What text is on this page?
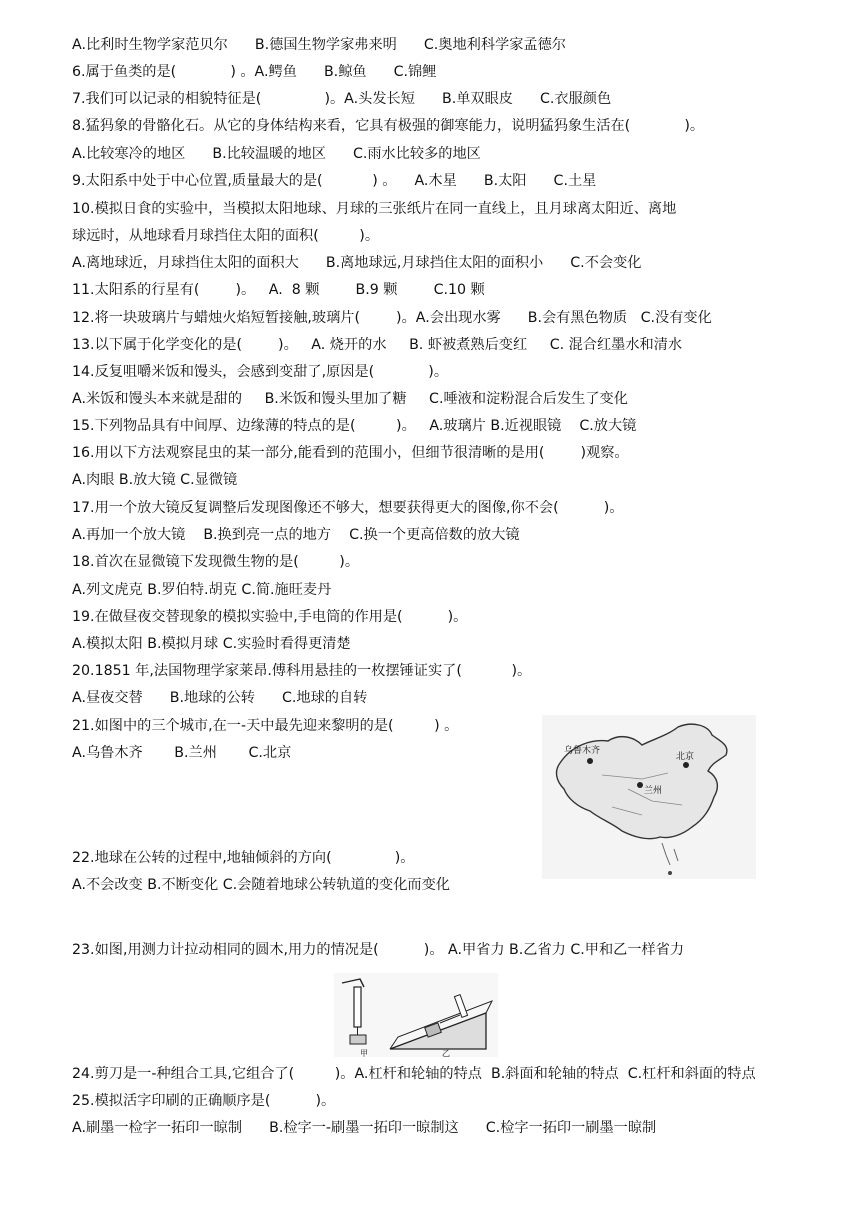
A.比利时生物学家范贝尔      B.德国生物学家弗来明      C.奥地利科学家孟德尔
6.属于鱼类的是(            ) 。A.鳄鱼      B.鲸鱼      C.锦鲤
7.我们可以记录的相貌特征是(              )。A.头发长短      B.单双眼皮      C.衣服颜色
8.猛犸象的骨骼化石。从它的身体结构来看，它具有极强的御寒能力，说明猛犸象生活在(            )。
A.比较寒冷的地区      B.比较温暖的地区      C.雨水比较多的地区
9.太阳系中处于中心位置,质量最大的是(           ) 。    A.木星      B.太阳      C.土星
10.模拟日食的实验中，当模拟太阳地球、月球的三张纸片在同一直线上，且月球离太阳近、离地
球远时，从地球看月球挡住太阳的面积(         )。
A.离地球近，月球挡住太阳的面积大      B.离地球远,月球挡住太阳的面积小      C.不会变化
11.太阳系的行星有(        )。   A.  8 颗        B.9 颗        C.10 颗
12.将一块玻璃片与蜡烛火焰短暂接触,玻璃片(        )。A.会出现水雾      B.会有黑色物质   C.没有变化
13.以下属于化学变化的是(        )。   A. 烧开的水     B. 虾被煮熟后变红     C. 混合红墨水和清水
14.反复咀嚼米饭和馒头，会感到变甜了,原因是(            )。
A.米饭和馒头本来就是甜的     B.米饭和馒头里加了糖     C.唾液和淀粉混合后发生了变化
15.下列物品具有中间厚、边缘薄的特点的是(         )。   A.玻璃片 B.近视眼镜    C.放大镜
16.用以下方法观察昆虫的某一部分,能看到的范围小，但细节很清晰的是用(        )观察。
A.肉眼 B.放大镜 C.显微镜
17.用一个放大镜反复调整后发现图像还不够大，想要获得更大的图像,你不会(          )。
A.再加一个放大镜    B.换到亮一点的地方    C.换一个更高倍数的放大镜
18.首次在显微镜下发现微生物的是(         )。
A.列文虎克 B.罗伯特.胡克 C.简.施旺麦丹
19.在做昼夜交替现象的模拟实验中,手电筒的作用是(          )。
A.模拟太阳 B.模拟月球 C.实验时看得更清楚
20.1851 年,法国物理学家莱昂.傅科用悬挂的一枚摆锤证实了(           )。
A.昼夜交替      B.地球的公转      C.地球的自转
21.如图中的三个城市,在一-天中最先迎来黎明的是(         ) 。
A.乌鲁木齐       B.兰州       C.北京
22.地球在公转的过程中,地轴倾斜的方向(              )。
A.不会改变 B.不断变化 C.会随着地球公转轨道的变化而变化
23.如图,用测力计拉动相同的圆木,用力的情况是(          )。 A.甲省力 B.乙省力 C.甲和乙一样省力
24.剪刀是一-种组合工具,它组合了(         )。A.杠杆和轮轴的特点  B.斜面和轮轴的特点  C.杠杆和斜面的特点
25.模拟活字印刷的正确顺序是(          )。
A.刷墨一检字一拓印一晾制      B.检字一-刷墨一拓印一晾制这      C.检字一拓印一刷墨一晾制
乌鲁木齐
兰州
北京
甲	乙
